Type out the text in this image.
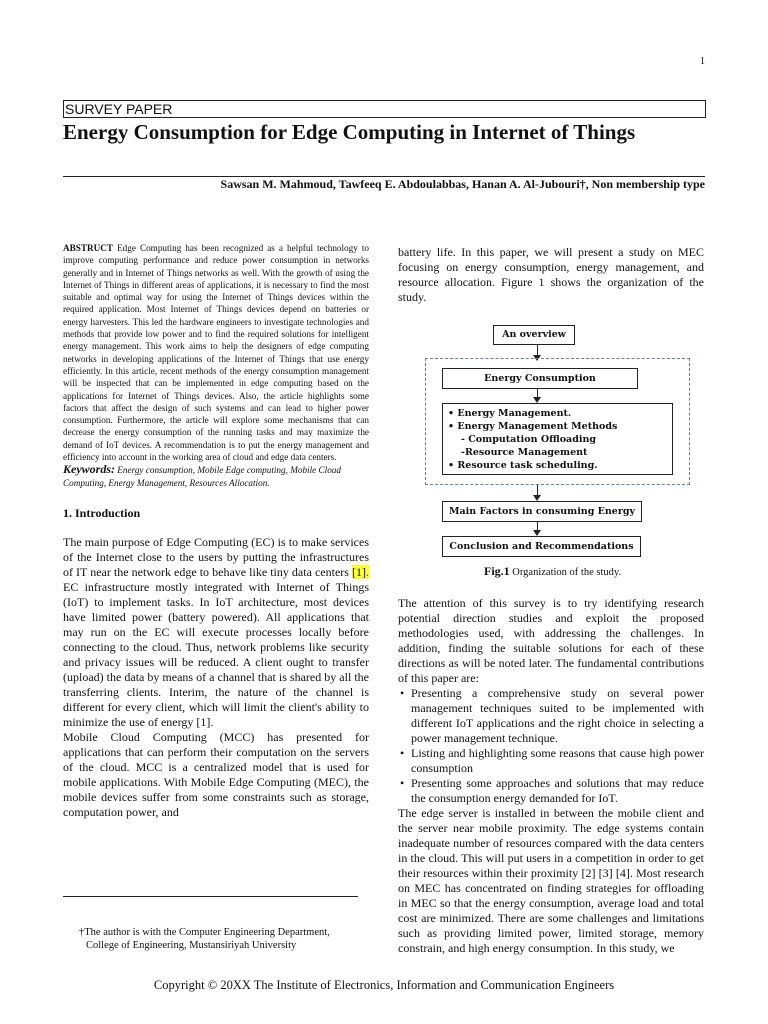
1
SURVEY PAPER
Energy Consumption for Edge Computing in Internet of Things
Sawsan M. Mahmoud, Tawfeeq E. Abdoulabbas, Hanan A. Al-Jubouri†, Non membership type

ABSTRUCT Edge Computing has been recognized as a helpful technology to improve computing performance and reduce power consumption in networks generally and in Internet of Things networks as well. With the growth of using the Internet of Things in different areas of applications, it is necessary to find the most suitable and optimal way for using the Internet of Things devices within the required application. Most Internet of Things devices depend on batteries or energy harvesters. This led the hardware engineers to investigate technologies and methods that provide low power and to find the required solutions for intelligent energy management. This work aims to help the designers of edge computing networks in developing applications of the Internet of Things that use energy efficiently. In this article, recent methods of the energy consumption management will be inspected that can be implemented in edge computing based on the applications for Internet of Things devices. Also, the article highlights some factors that affect the design of such systems and can lead to higher power consumption. Furthermore, the article will explore some mechanisms that can decrease the energy consumption of the running tasks and may maximize the demand of IoT devices. A recommendation is to put the energy management and efficiency into account in the working area of cloud and edge data centers.

Keywords: Energy consumption, Mobile Edge computing, Mobile Cloud Computing, Energy Management, Resources Allocation.

1. Introduction

The main purpose of Edge Computing (EC) is to make services of the Internet close to the users by putting the infrastructures of IT near the network edge to behave like tiny data centers [1]. EC infrastructure mostly integrated with Internet of Things (IoT) to implement tasks. In IoT architecture, most devices have limited power (battery powered). All applications that may run on the EC will execute processes locally before connecting to the cloud. Thus, network problems like security and privacy issues will be reduced. A client ought to transfer (upload) the data by means of a channel that is shared by all the transferring clients. Interim, the nature of the channel is different for every client, which will limit the client's ability to minimize the use of energy [1].

Mobile Cloud Computing (MCC) has presented for applications that can perform their computation on the servers of the cloud. MCC is a centralized model that is used for mobile applications. With Mobile Edge Computing (MEC), the mobile devices suffer from some constraints such as storage, computation power, and

†The author is with the Computer Engineering Department,
College of Engineering, Mustansiriyah University

battery life. In this paper, we will present a study on MEC focusing on energy consumption, energy management, and resource allocation. Figure 1 shows the organization of the study.

An overview
Energy Consumption
• Energy Management.
• Energy Management Methods
- Computation Offloading
-Resource Management
• Resource task scheduling.
Main Factors in consuming Energy
Conclusion and Recommendations
Fig.1 Organization of the study.

The attention of this survey is to try identifying research potential direction studies and exploit the proposed methodologies used, with addressing the challenges. In addition, finding the suitable solutions for each of these directions as will be noted later. The fundamental contributions of this paper are:

• Presenting a comprehensive study on several power management techniques suited to be implemented with different IoT applications and the right choice in selecting a power management technique.
• Listing and highlighting some reasons that cause high power consumption
• Presenting some approaches and solutions that may reduce the consumption energy demanded for IoT.

The edge server is installed in between the mobile client and the server near mobile proximity. The edge systems contain inadequate number of resources compared with the data centers in the cloud. This will put users in a competition in order to get their resources within their proximity [2] [3] [4]. Most research on MEC has concentrated on finding strategies for offloading in MEC so that the energy consumption, average load and total cost are minimized. There are some challenges and limitations such as providing limited power, limited storage, memory constrain, and high energy consumption. In this study, we

Copyright © 20XX The Institute of Electronics, Information and Communication Engineers
